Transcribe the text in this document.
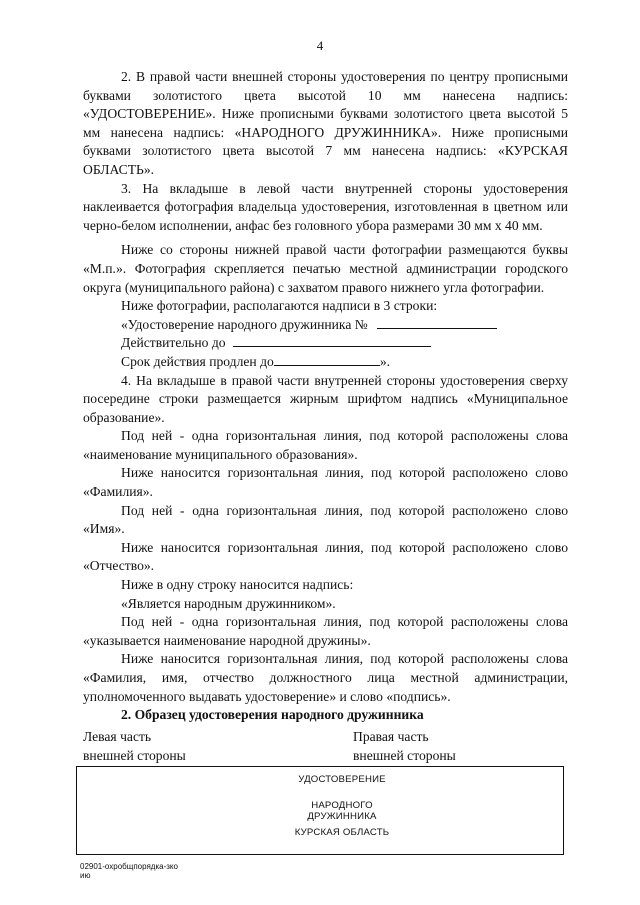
4

2. В правой части внешней стороны удостоверения по центру прописными буквами золотистого цвета высотой 10 мм нанесена надпись: «УДОСТОВЕРЕНИЕ». Ниже прописными буквами золотистого цвета высотой 5 мм нанесена надпись: «НАРОДНОГО ДРУЖИННИКА». Ниже прописными буквами золотистого цвета высотой 7 мм нанесена надпись: «КУРСКАЯ ОБЛАСТЬ».

3. На вкладыше в левой части внутренней стороны удостоверения наклеивается фотография владельца удостоверения, изготовленная в цветном или черно-белом исполнении, анфас без головного убора размерами 30 мм х 40 мм.

Ниже со стороны нижней правой части фотографии размещаются буквы «М.п.». Фотография скрепляется печатью местной администрации городского округа (муниципального района) с захватом правого нижнего угла фотографии.

Ниже фотографии, располагаются надписи в 3 строки:

«Удостоверение народного дружинника №

Действительно до

Срок действия продлен до	».

4. На вкладыше в правой части внутренней стороны удостоверения сверху посередине строки размещается жирным шрифтом надпись «Муниципальное образование».

Под ней - одна горизонтальная линия, под которой расположены слова «наименование муниципального образования».

Ниже наносится горизонтальная линия, под которой расположено слово «Фамилия».

Под ней - одна горизонтальная линия, под которой расположено слово «Имя».

Ниже наносится горизонтальная линия, под которой расположено слово «Отчество».

Ниже в одну строку наносится надпись:

«Является народным дружинником».

Под ней - одна горизонтальная линия, под которой расположены слова «указывается наименование народной дружины».

Ниже наносится горизонтальная линия, под которой расположены слова «Фамилия, имя, отчество должностного лица местной администрации, уполномоченного выдавать удостоверение» и слово «подпись».

2. Образец удостоверения народного дружинника

Левая часть
внешней стороны
Правая часть
внешней стороны
УДОСТОВЕРЕНИЕ
НАРОДНОГО ДРУЖИННИКА
КУРСКАЯ ОБЛАСТЬ
02901-охробщпорядка-зко
ию
